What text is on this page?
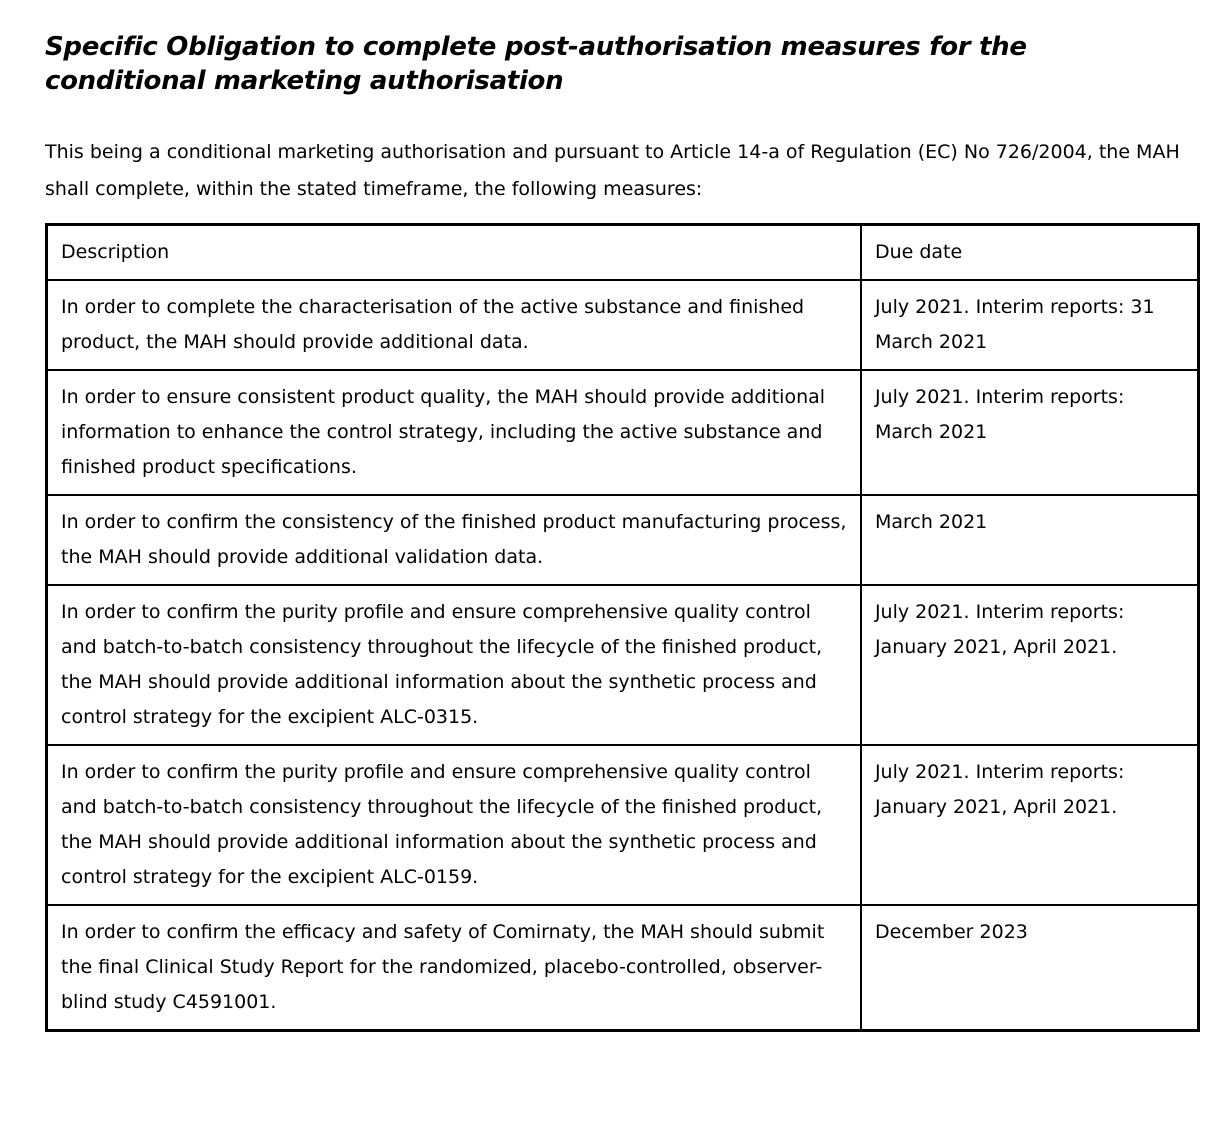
Specific Obligation to complete post-authorisation measures for the conditional marketing authorisation

This being a conditional marketing authorisation and pursuant to Article 14-a of Regulation (EC) No 726/2004, the MAH shall complete, within the stated timeframe, the following measures:

Description	Due date
In order to complete the characterisation of the active substance and finished product, the MAH should provide additional data.	July 2021. Interim reports: 31 March 2021
In order to ensure consistent product quality, the MAH should provide additional information to enhance the control strategy, including the active substance and finished product specifications.	July 2021. Interim reports: March 2021
In order to confirm the consistency of the finished product manufacturing process, the MAH should provide additional validation data.	March 2021
In order to confirm the purity profile and ensure comprehensive quality control and batch-to-batch consistency throughout the lifecycle of the finished product, the MAH should provide additional information about the synthetic process and control strategy for the excipient ALC-0315.	July 2021. Interim reports: January 2021, April 2021.
In order to confirm the purity profile and ensure comprehensive quality control and batch-to-batch consistency throughout the lifecycle of the finished product, the MAH should provide additional information about the synthetic process and control strategy for the excipient ALC-0159.	July 2021. Interim reports: January 2021, April 2021.
In order to confirm the efficacy and safety of Comirnaty, the MAH should submit the final Clinical Study Report for the randomized, placebo-controlled, observer-blind study C4591001.	December 2023
